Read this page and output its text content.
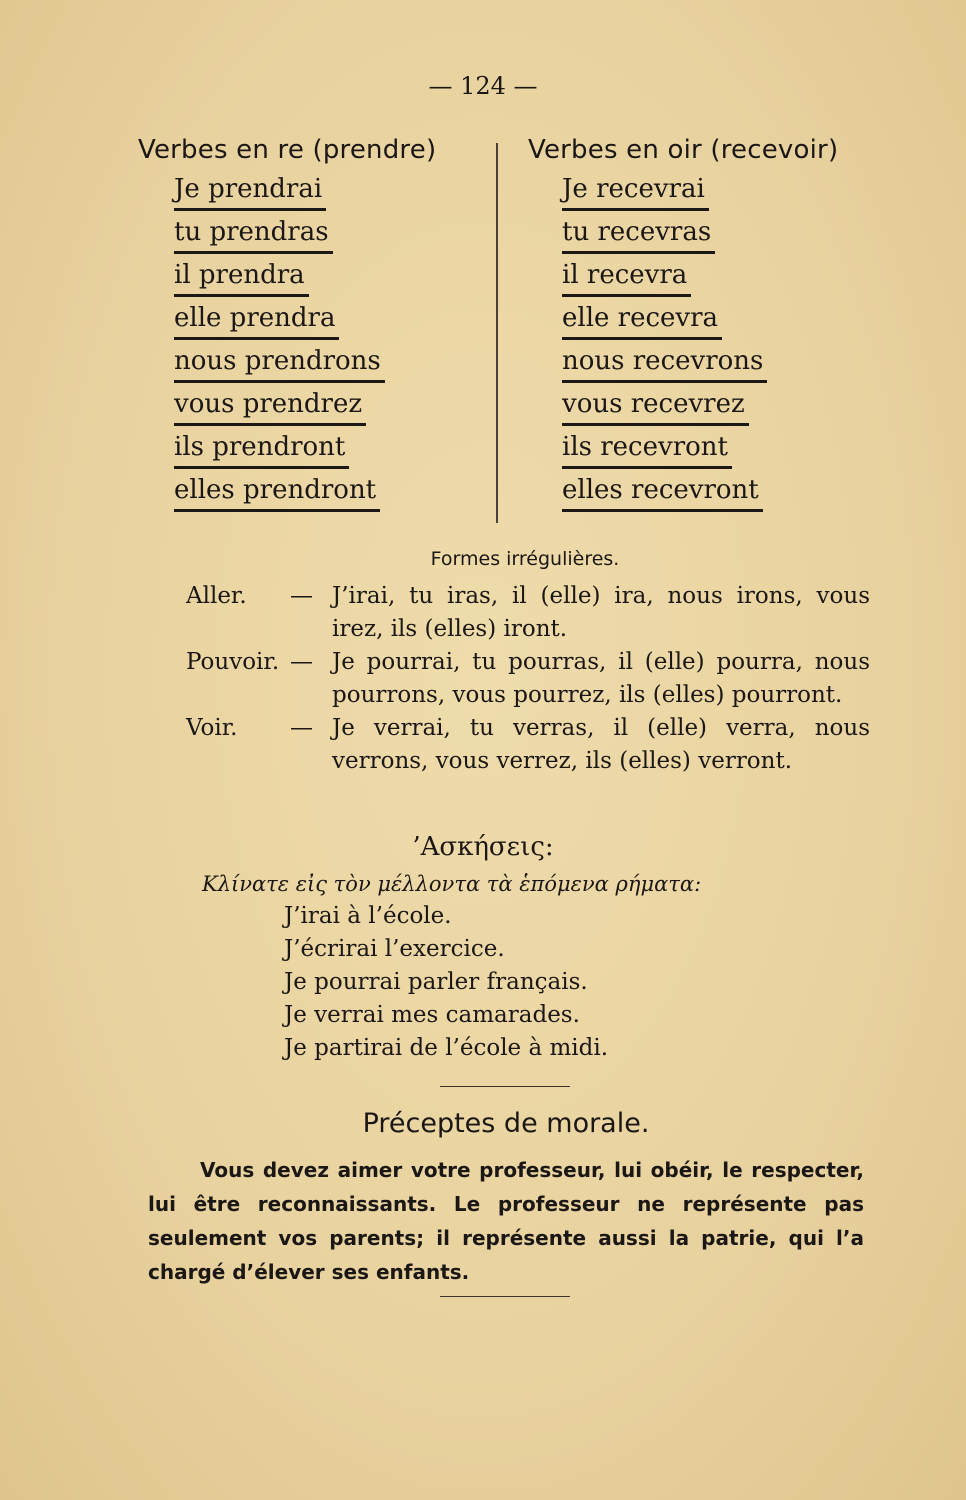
— 124 —
Verbes en re (prendre)
Je prendrai
tu prendras
il prendra
elle prendra
nous prendrons
vous prendrez
ils prendront
elles prendront
Verbes en oir (recevoir)
Je recevrai
tu recevras
il recevra
elle recevra
nous recevrons
vous recevrez
ils recevront
elles recevront
Formes irrégulières.
Aller.	— J’irai, tu iras, il (elle) ira, nous irons, vous irez, ils (elles) iront.
Pouvoir. — Je pourrai, tu pourras, il (elle) pourra, nous pourrons, vous pourrez, ils (elles) pourront.
Voir.	— Je verrai, tu verras, il (elle) verra, nous verrons, vous verrez, ils (elles) verront.
’Ασκήσεις:
Κλίνατε εἰς τὸν μέλλοντα τὰ ἑπόμενα ρήματα:
J’irai à l’école.
J’écrirai l’exercice.
Je pourrai parler français.
Je verrai mes camarades.
Je partirai de l’école à midi.
Préceptes de morale.

Vous devez aimer votre professeur, lui obéir, le respecter, lui être reconnaissants. Le professeur ne représente pas seulement vos parents; il représente aussi la patrie, qui l’a chargé d’élever ses enfants.
